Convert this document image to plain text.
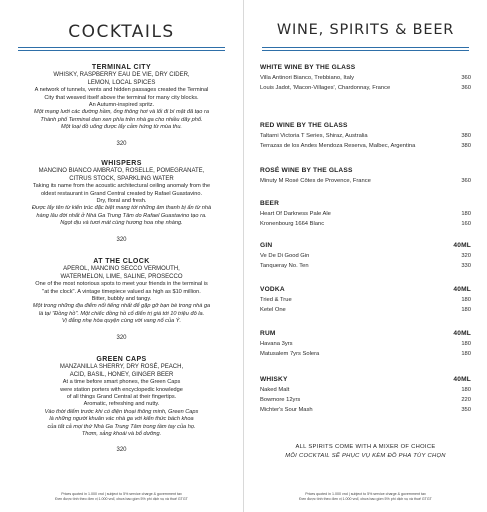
COCKTAILS
TERMINAL CITY
WHISKY, RASPBERRY EAU DE VIE, DRY CIDER,
LEMON, LOCAL SPICES
A network of tunnels, vents and hidden passages created the Terminal
City that weaved itself above the terminal for many city blocks.
An Autumn-inspired spritz.
Một mạng lưới các đường hầm, ống thông hơi và lối đi bí mật đã tạo ra
Thành phố Terminal dan xen phía trên nhà ga cho nhiều dãy phố.
Một loại đồ uống được lấy cảm hứng từ mùa thu.
320
WHISPERS
MANCINO BIANCO AMBRATO, ROSELLE, POMEGRANATE,
CITRUS STOCK, SPARKLING WATER
Taking its name from the acoustic architectural ceiling anomaly from the
oldest restaurant in Grand Central created by Rafael Guastavino.
Dry, floral and fresh.
Được lấy tên từ kiến trúc đặc biệt mang tới những âm thanh bị ẩn từ nhà
hàng lâu đời nhất ở Nhà Ga Trung Tâm do Rafael Guastavino tạo ra.
Ngọt dịu và tươi mát cùng hương hoa nhẹ nhàng.
320
AT THE CLOCK
APEROL, MANCINO SECCO VERMOUTH,
WATERMELON, LIME, SALINE, PROSECCO
One of the most notorious spots to meet your friends in the terminal is
"at the clock". A vintage timepiece valued as high as $10 million.
Bitter, bubbly and tangy.
Một trong những địa điểm nổi tiếng nhất để gặp gỡ bạn bè trong nhà ga
là tại "Đồng hồ". Một chiếc đồng hồ cổ điển trị giá tới 10 triệu đô la.
Vị đắng nhẹ hòa quyện cùng vời vang nổ của Ý.
320
GREEN CAPS
MANZANILLA SHERRY, DRY ROSÉ, PEACH,
ACID, BASIL, HONEY, GINGER BEER
At a time before smart phones, the Green Caps
were station porters with encyclopedic knowledge
of all things Grand Central at their fingertips.
Aromatic, refreshing and nutty.
Vào thời điểm trước khi có điện thoại thông minh, Green Caps
là những người khuân vác nhà ga với kiến thức bách khoa
của tất cả mọi thứ Nhà Ga Trung Tâm trong tầm tay của họ.
Thơm, sảng khoái và bổ dưỡng.
320
Prices quoted in 1.000 vnd | subject to 5% service charge & government tax
Đơn được tính theo đơn vị 1.000 vnđ, chưa bao gồm 5% phí dịch vụ và thuế GTGT
WINE, SPIRITS & BEER
WHITE WINE BY THE GLASS
Villa Antinori Bianco, Trebbiano, Italy	360
Louis Jadot, 'Macon-Villages', Chardonnay, France	360
RED WINE BY THE GLASS
Taltarni Victoria T Series, Shiraz, Australia	380
Terrazas de los Andes Mendoza Reserva, Malbec, Argentina	380
ROSÉ WINE BY THE GLASS
Minuty M Rosé Côtes de Provence, France	360
BEER
Heart Of Darkness Pale Ale	180
Kronenbourg 1664 Blanc	160
GIN	40ML
Ve De Di Good Gin	320
Tanqueray No. Ten	330
VODKA	40ML
Tried & True	180
Ketel One	180
RUM	40ML
Havana 3yrs	180
Matusalem 7yrs Solera	180
WHISKY	40ML
Naked Malt	180
Bowmore 12yrs	220
Michter's Sour Mash	350
ALL SPIRITS COME WITH A MIXER OF CHOICE
MỖI COCKTAIL SẼ PHỤC VỤ KÈM ĐỒ PHA TÙY CHỌN
Prices quoted in 1.000 vnd | subject to 5% service charge & government tax
Đơn được tính theo đơn vị 1.000 vnđ, chưa bao gồm 5% phí dịch vụ và thuế GTGT
